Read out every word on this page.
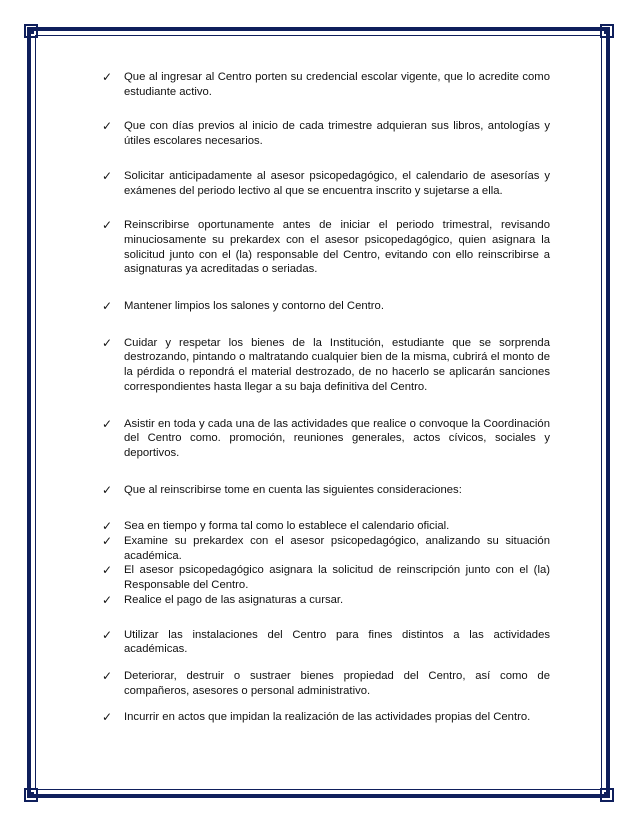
✓ Que al ingresar al Centro porten su credencial escolar vigente, que lo acredite como estudiante activo.
✓ Que con días previos al inicio de cada trimestre adquieran sus libros, antologías y útiles escolares necesarios.
✓ Solicitar anticipadamente al asesor psicopedagógico, el calendario de asesorías y exámenes del periodo lectivo al que se encuentra inscrito y sujetarse a ella.
✓ Reinscribirse oportunamente antes de iniciar el periodo trimestral, revisando minuciosamente su prekardex con el asesor psicopedagógico, quien asignara la solicitud junto con el (la) responsable del Centro, evitando con ello reinscribirse a asignaturas ya acreditadas o seriadas.
✓ Mantener limpios los salones y contorno del Centro.
✓ Cuidar y respetar los bienes de la Institución, estudiante que se sorprenda destrozando, pintando o maltratando cualquier bien de la misma, cubrirá el monto de la pérdida o repondrá el material destrozado, de no hacerlo se aplicarán sanciones correspondientes hasta llegar a su baja definitiva del Centro.
✓ Asistir en toda y cada una de las actividades que realice o convoque la Coordinación del Centro como. promoción, reuniones generales, actos cívicos, sociales y deportivos.
✓ Que al reinscribirse tome en cuenta las siguientes consideraciones:
✓ Sea en tiempo y forma tal como lo establece el calendario oficial.
✓ Examine su prekardex con el asesor psicopedagógico, analizando su situación académica.
✓ El asesor psicopedagógico asignara la solicitud de reinscripción junto con el (la) Responsable del Centro.
✓ Realice el pago de las asignaturas a cursar.
✓ Utilizar las instalaciones del Centro para fines distintos a las actividades académicas.
✓ Deteriorar, destruir o sustraer bienes propiedad del Centro, así como de compañeros, asesores o personal administrativo.
✓ Incurrir en actos que impidan la realización de las actividades propias del Centro.
